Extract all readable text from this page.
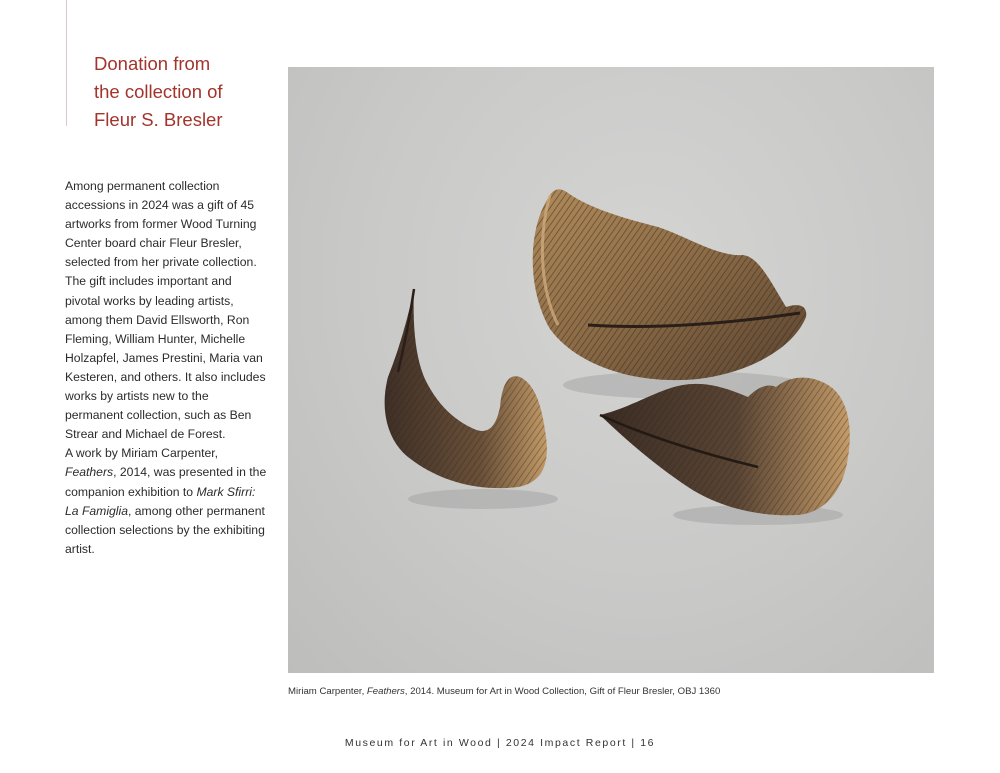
Donation from
the collection of
Fleur S. Bresler

Among permanent collection accessions in 2024 was a gift of 45 artworks from former Wood Turning Center board chair Fleur Bresler, selected from her private collection. The gift includes important and pivotal works by leading artists, among them David Ellsworth, Ron Fleming, William Hunter, Michelle Holzapfel, James Prestini, Maria van Kesteren, and others. It also includes works by artists new to the permanent collection, such as Ben Strear and Michael de Forest.

A work by Miriam Carpenter, Feathers, 2014, was presented in the companion exhibition to Mark Sfirri: La Famiglia, among other permanent collection selections by the exhibiting artist.

Miriam Carpenter, Feathers, 2014. Museum for Art in Wood Collection, Gift of Fleur Bresler, OBJ 1360
Museum for Art in Wood | 2024 Impact Report | 16
